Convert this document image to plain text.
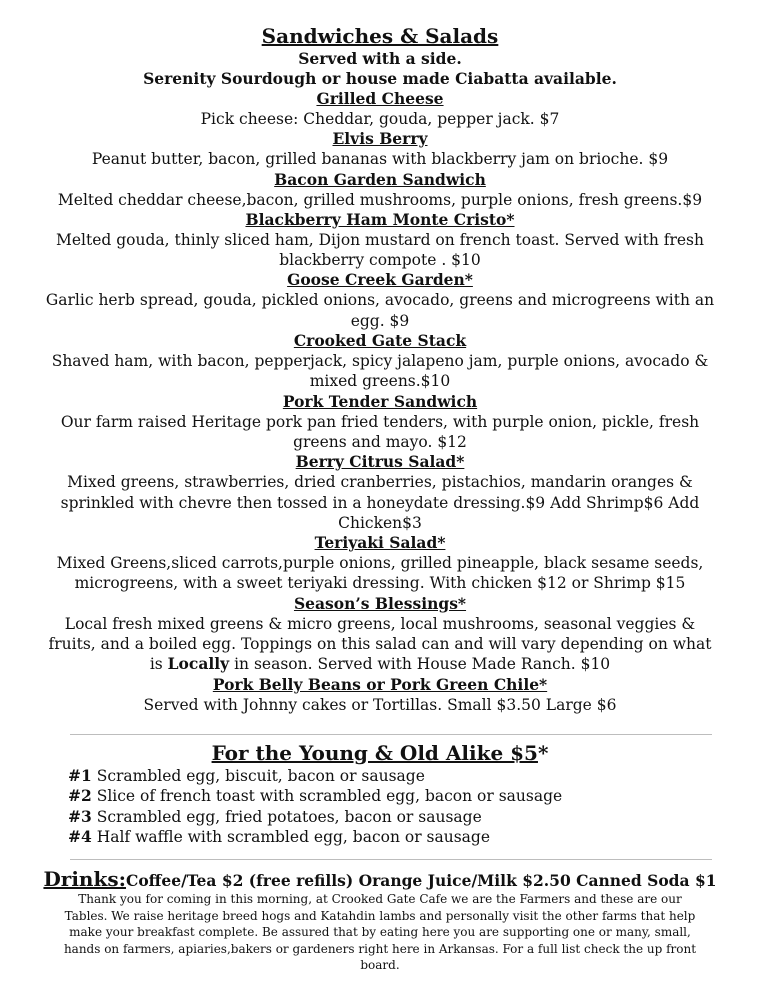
Sandwiches & Salads
Served with a side.
Serenity Sourdough or house made Ciabatta available.
Grilled Cheese
Pick cheese: Cheddar, gouda, pepper jack. $7
Elvis Berry
Peanut butter, bacon, grilled bananas with blackberry jam on brioche. $9
Bacon Garden Sandwich
Melted cheddar cheese,bacon, grilled mushrooms, purple onions, fresh greens.$9
Blackberry Ham Monte Cristo*
Melted gouda, thinly sliced ham, Dijon mustard on french toast. Served with fresh blackberry compote . $10
Goose Creek Garden*
Garlic herb spread, gouda, pickled onions, avocado, greens and microgreens with an egg. $9
Crooked Gate Stack
Shaved ham, with bacon, pepperjack, spicy jalapeno jam, purple onions, avocado & mixed greens.$10
Pork Tender Sandwich
Our farm raised Heritage pork pan fried tenders, with purple onion, pickle, fresh greens and mayo. $12
Berry Citrus Salad*
Mixed greens, strawberries, dried cranberries, pistachios, mandarin oranges & sprinkled with chevre then tossed in a honeydate dressing.$9 Add Shrimp$6 Add Chicken$3
Teriyaki Salad*
Mixed Greens,sliced carrots,purple onions, grilled pineapple, black sesame seeds, microgreens, with a sweet teriyaki dressing. With chicken $12 or Shrimp $15
Season’s Blessings*
Local fresh mixed greens & micro greens, local mushrooms, seasonal veggies & fruits, and a boiled egg. Toppings on this salad can and will vary depending on what is Locally in season. Served with House Made Ranch. $10
Pork Belly Beans or Pork Green Chile*
Served with Johnny cakes or Tortillas. Small $3.50 Large $6
For the Young & Old Alike $5*
#1 Scrambled egg, biscuit, bacon or sausage
#2 Slice of french toast with scrambled egg, bacon or sausage
#3 Scrambled egg, fried potatoes, bacon or sausage
#4 Half waffle with scrambled egg, bacon or sausage
Drinks:Coffee/Tea $2 (free refills) Orange Juice/Milk $2.50 Canned Soda $1
Thank you for coming in this morning, at Crooked Gate Cafe we are the Farmers and these are our Tables. We raise heritage breed hogs and Katahdin lambs and personally visit the other farms that help make your breakfast complete. Be assured that by eating here you are supporting one or many, small, hands on farmers, apiaries,bakers or gardeners right here in Arkansas. For a full list check the up front board.
